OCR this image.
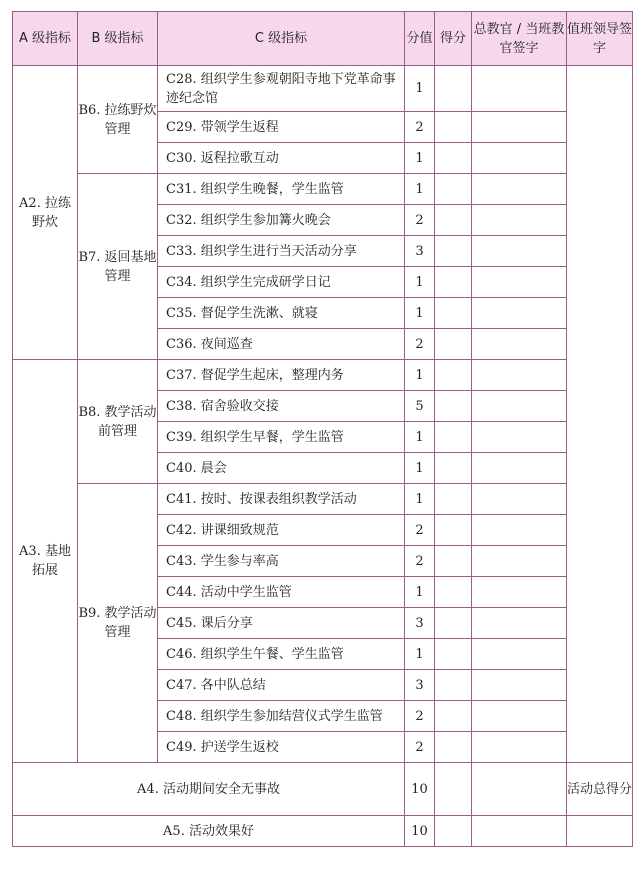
A 级指标	B 级指标	C 级指标	分值	得分	总教官 / 当班教官签字	值班领导签字
A2. 拉练野炊	B6. 拉练野炊管理	C28. 组织学生参观朝阳寺地下党革命事迹纪念馆	1			
		C29. 带领学生返程	2			
		C30. 返程拉歌互动	1			
	B7. 返回基地管理	C31. 组织学生晚餐，学生监管	1			
		C32. 组织学生参加篝火晚会	2			
		C33. 组织学生进行当天活动分享	3			
		C34. 组织学生完成研学日记	1			
		C35. 督促学生洗漱、就寝	1			
		C36. 夜间巡查	2			
A3. 基地拓展	B8. 教学活动前管理	C37. 督促学生起床，整理内务	1			
		C38. 宿舍验收交接	5			
		C39. 组织学生早餐，学生监管	1			
		C40. 晨会	1			
	B9. 教学活动管理	C41. 按时、按课表组织教学活动	1			
		C42. 讲课细致规范	2			
		C43. 学生参与率高	2			
		C44. 活动中学生监管	1			
		C45. 课后分享	3			
		C46. 组织学生午餐、学生监管	1			
		C47. 各中队总结	3			
		C48. 组织学生参加结营仪式学生监管	2			
		C49. 护送学生返校	2			
A4. 活动期间安全无事故			10			活动总得分
A5. 活动效果好			10			
